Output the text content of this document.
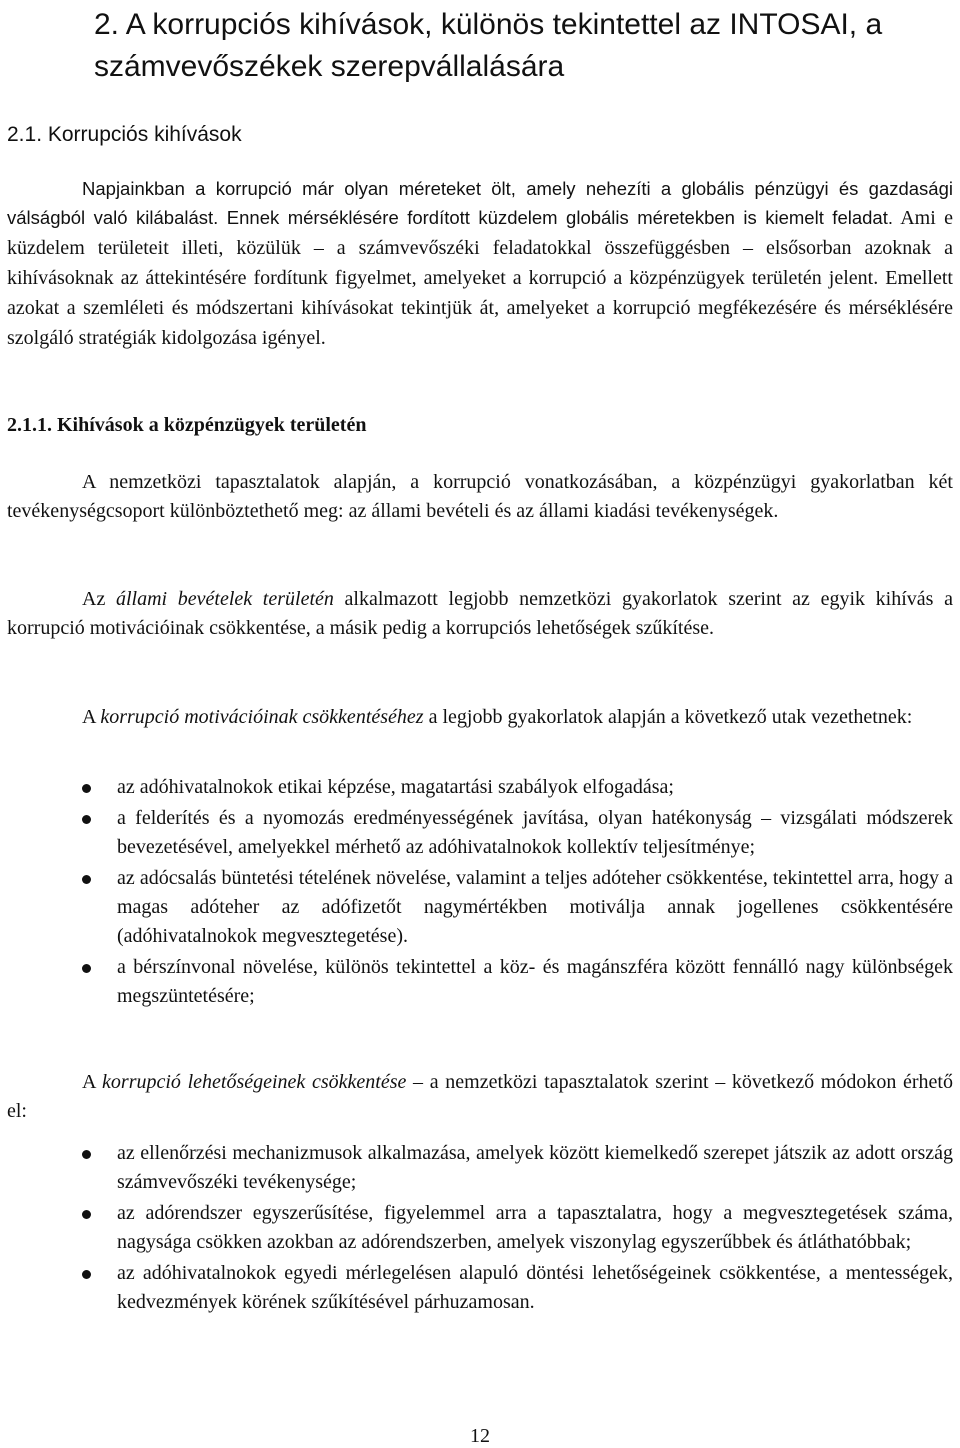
2. A korrupciós kihívások, különös tekintettel az INTOSAI, a számvevőszékek szerepvállalására
2.1. Korrupciós kihívások

Napjainkban a korrupció már olyan méreteket ölt, amely nehezíti a globális pénzügyi és gazdasági válságból való kilábalást. Ennek mérséklésére fordított küzdelem globális méretekben is kiemelt feladat. Ami e küzdelem területeit illeti, közülük – a számvevőszéki feladatokkal összefüggésben – elsősorban azoknak a kihívásoknak az áttekintésére fordítunk figyelmet, amelyeket a korrupció a közpénzügyek területén jelent. Emellett azokat a szemléleti és módszertani kihívásokat tekintjük át, amelyeket a korrupció megfékezésére és mérséklésére szolgáló stratégiák kidolgozása igényel.

2.1.1. Kihívások a közpénzügyek területén

A nemzetközi tapasztalatok alapján, a korrupció vonatkozásában, a közpénzügyi gyakorlatban két tevékenységcsoport különböztethető meg: az állami bevételi és az állami kiadási tevékenységek.

Az állami bevételek területén alkalmazott legjobb nemzetközi gyakorlatok szerint az egyik kihívás a korrupció motivációinak csökkentése, a másik pedig a korrupciós lehetőségek szűkítése.

A korrupció motivációinak csökkentéséhez a legjobb gyakorlatok alapján a következő utak vezethetnek:

az adóhivatalnokok etikai képzése, magatartási szabályok elfogadása;
a felderítés és a nyomozás eredményességének javítása, olyan hatékonyság – vizsgálati módszerek bevezetésével, amelyekkel mérhető az adóhivatalnokok kollektív teljesítménye;
az adócsalás büntetési tételének növelése, valamint a teljes adóteher csökkentése, tekintettel arra, hogy a magas adóteher az adófizetőt nagymértékben motiválja annak jogellenes csökkentésére (adóhivatalnokok megvesztegetése).
a bérszínvonal növelése, különös tekintettel a köz- és magánszféra között fennálló nagy különbségek megszüntetésére;

A korrupció lehetőségeinek csökkentése – a nemzetközi tapasztalatok szerint – következő módokon érhető el:

az ellenőrzési mechanizmusok alkalmazása, amelyek között kiemelkedő szerepet játszik az adott ország számvevőszéki tevékenysége;
az adórendszer egyszerűsítése, figyelemmel arra a tapasztalatra, hogy a megvesztegetések száma, nagysága csökken azokban az adórendszerben, amelyek viszonylag egyszerűbbek és átláthatóbbak;
az adóhivatalnokok egyedi mérlegelésen alapuló döntési lehetőségeinek csökkentése, a mentességek, kedvezmények körének szűkítésével párhuzamosan.
12
